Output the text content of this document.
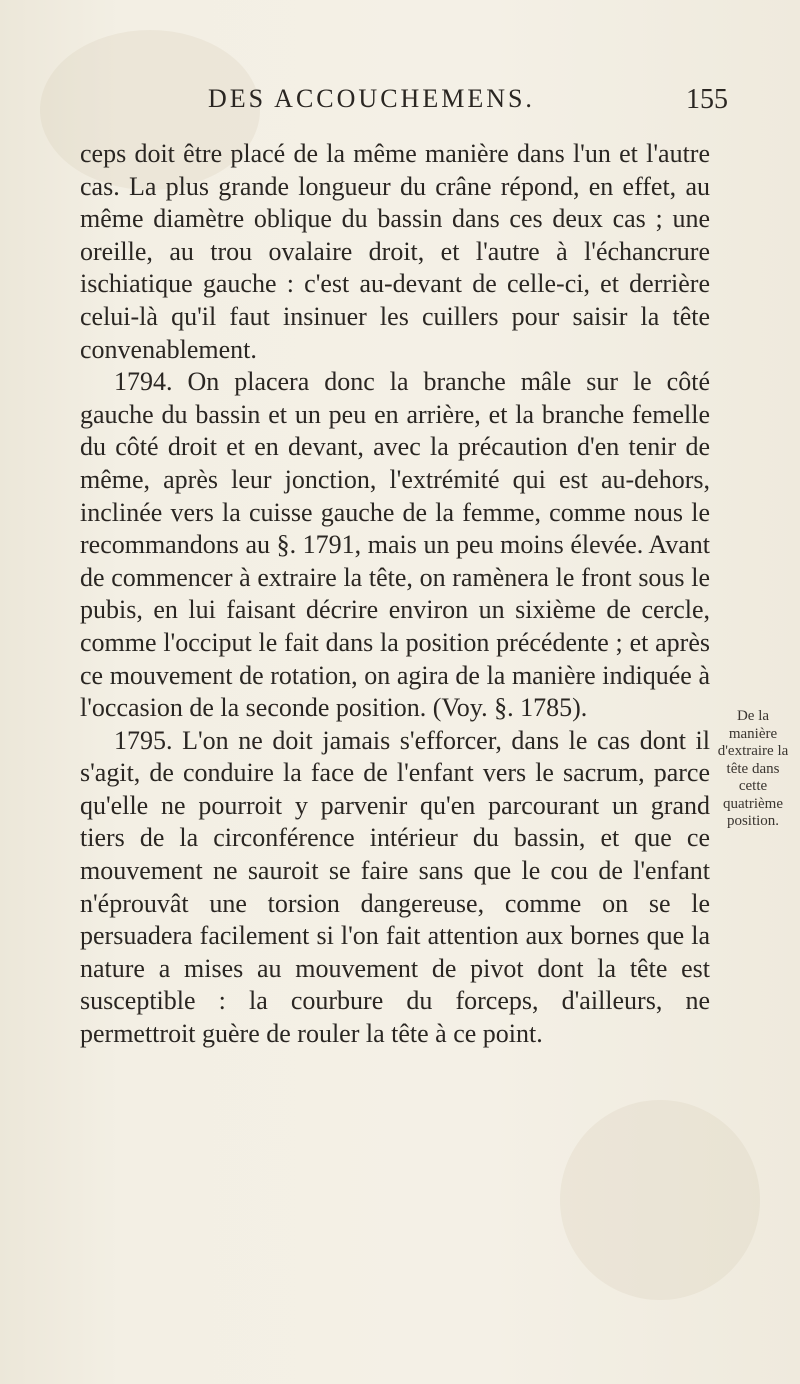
DES ACCOUCHEMENS.	155

ceps doit être placé de la même manière dans l'un et l'autre cas. La plus grande longueur du crâne répond, en effet, au même diamètre oblique du bassin dans ces deux cas ; une oreille, au trou ovalaire droit, et l'autre à l'échancrure ischiatique gauche : c'est au-devant de celle-ci, et derrière celui-là qu'il faut insinuer les cuillers pour saisir la tête convenablement.

1794. On placera donc la branche mâle sur le côté gauche du bassin et un peu en arrière, et la branche femelle du côté droit et en devant, avec la précaution d'en tenir de même, après leur jonction, l'extrémité qui est au-dehors, inclinée vers la cuisse gauche de la femme, comme nous le recommandons au §. 1791, mais un peu moins élevée. Avant de commencer à extraire la tête, on ramènera le front sous le pubis, en lui faisant décrire environ un sixième de cercle, comme l'occiput le fait dans la position précédente ; et après ce mouvement de rotation, on agira de la manière indiquée à l'occasion de la seconde position. (Voy. §. 1785).

1795. L'on ne doit jamais s'efforcer, dans le cas dont il s'agit, de conduire la face de l'enfant vers le sacrum, parce qu'elle ne pourroit y parvenir qu'en parcourant un grand tiers de la circonférence intérieur du bassin, et que ce mouvement ne sauroit se faire sans que le cou de l'enfant n'éprouvât une torsion dangereuse, comme on se le persuadera facilement si l'on fait attention aux bornes que la nature a mises au mouvement de pivot dont la tête est susceptible : la courbure du forceps, d'ailleurs, ne permettroit guère de rouler la tête à ce point.

De la manière d'extraire la tête dans cette quatrième position.
